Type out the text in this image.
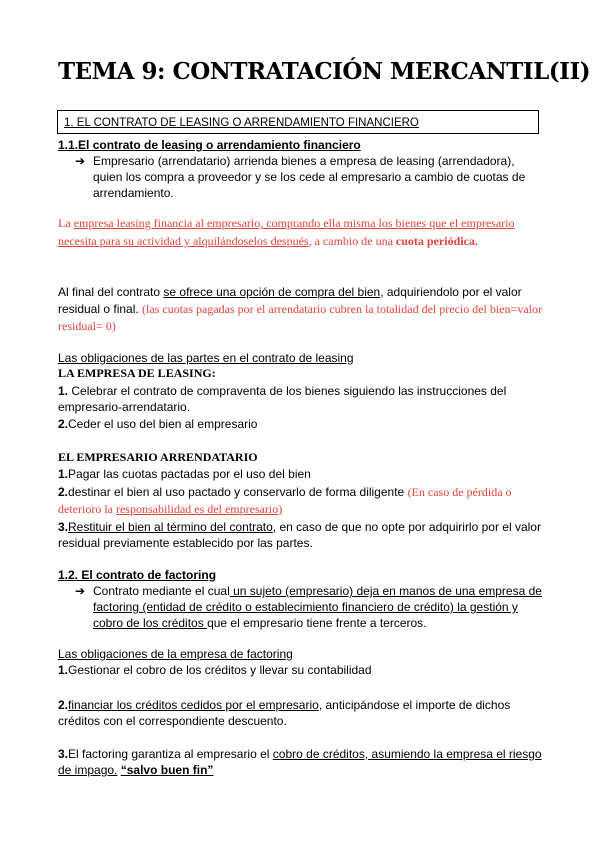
TEMA 9: CONTRATACIÓN MERCANTIL(II)
1. EL CONTRATO DE LEASING O ARRENDAMIENTO FINANCIERO
1.1.El contrato de leasing o arrendamiento financiero
➔ Empresario (arrendatario) arrienda bienes a empresa de leasing (arrendadora), quien los compra a proveedor y se los cede al empresario a cambio de cuotas de arrendamiento.
La empresa leasing financia al empresario, comprando ella misma los bienes que el empresario necesita para su actividad y alquilándoselos después, a cambio de una cuota periódica.
Al final del contrato se ofrece una opción de compra del bien, adquiriendolo por el valor residual o final. (las cuotas pagadas por el arrendatario cubren la totalidad del precio del bien=valor residual= 0)
Las obligaciones de las partes en el contrato de leasing
LA EMPRESA DE LEASING:
1. Celebrar el contrato de compraventa de los bienes siguiendo las instrucciones del empresario-arrendatario.
2.Ceder el uso del bien al empresario
EL EMPRESARIO ARRENDATARIO
1.Pagar las cuotas pactadas por el uso del bien
2.destinar el bien al uso pactado y conservarlo de forma diligente (En caso de pérdida o deterioro la responsabilidad es del empresario)
3.Restituir el bien al término del contrato, en caso de que no opte por adquirirlo por el valor residual previamente establecido por las partes.
1.2. El contrato de factoring
➔ Contrato mediante el cual un sujeto (empresario) deja en manos de una empresa de factoring (entidad de crédito o establecimiento financiero de crédito) la gestión y cobro de los créditos que el empresario tiene frente a terceros.
Las obligaciones de la empresa de factoring
1.Gestionar el cobro de los créditos y llevar su contabilidad
2.financiar los créditos cedidos por el empresario, anticipándose el importe de dichos créditos con el correspondiente descuento.
3.El factoring garantiza al empresario el cobro de créditos, asumiendo la empresa el riesgo de impago. “salvo buen fin”
